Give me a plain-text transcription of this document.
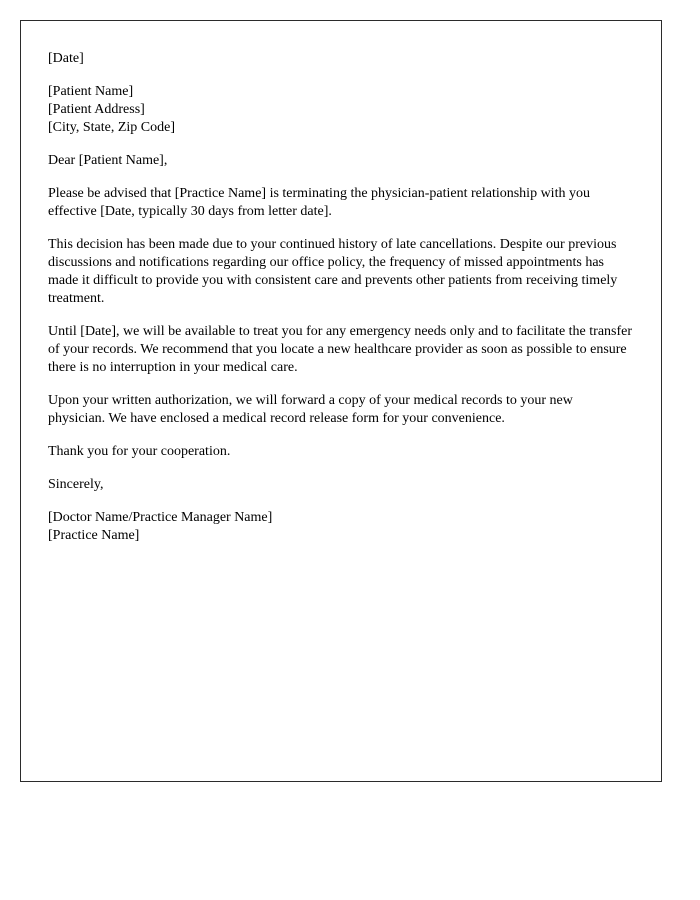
[Date]

[Patient Name]
[Patient Address]
[City, State, Zip Code]

Dear [Patient Name],

Please be advised that [Practice Name] is terminating the physician-patient relationship with you effective [Date, typically 30 days from letter date].

This decision has been made due to your continued history of late cancellations. Despite our previous discussions and notifications regarding our office policy, the frequency of missed appointments has made it difficult to provide you with consistent care and prevents other patients from receiving timely treatment.

Until [Date], we will be available to treat you for any emergency needs only and to facilitate the transfer of your records. We recommend that you locate a new healthcare provider as soon as possible to ensure there is no interruption in your medical care.

Upon your written authorization, we will forward a copy of your medical records to your new physician. We have enclosed a medical record release form for your convenience.

Thank you for your cooperation.

Sincerely,

[Doctor Name/Practice Manager Name]
[Practice Name]
